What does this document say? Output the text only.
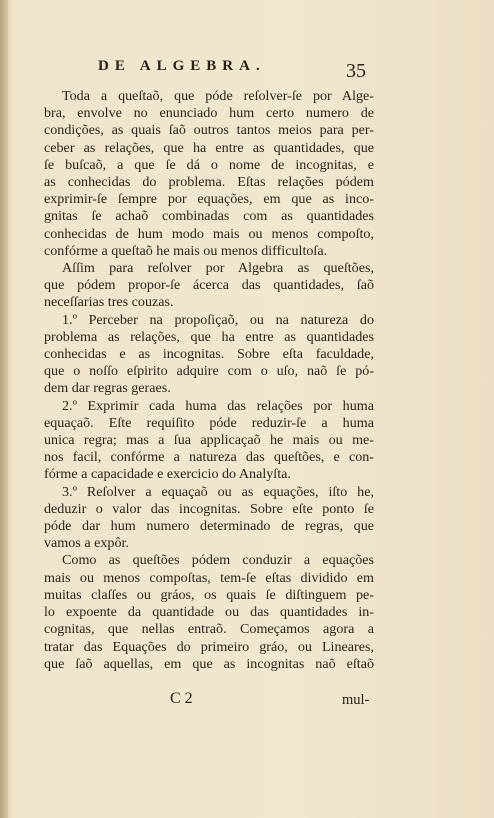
DE ALGEBRA.	35
Toda a queſtaõ, que póde reſolver-ſe por Alge-
bra, envolve no enunciado hum certo numero de
condições, as quais ſaõ outros tantos meios para per-
ceber as relações, que ha entre as quantidades, que
ſe buſcaõ, a que ſe dá o nome de incognitas, e
as conhecidas do problema. Eſtas relações pódem
exprimir-ſe ſempre por equações, em que as inco-
gnitas ſe achaõ combinadas com as quantidades
conhecidas de hum modo mais ou menos compoſto,
confórme a queſtaõ he mais ou menos difficultoſa.
Aſſim para reſolver por Algebra as queſtões,
que pódem propor-ſe ácerca das quantidades, ſaõ
neceſſarias tres couzas.
1.º Perceber na propoſiçaõ, ou na natureza do
problema as relações, que ha entre as quantidades
conhecidas e as incognitas. Sobre eſta faculdade,
que o noſſo eſpirito adquire com o uſo, naõ ſe pó-
dem dar regras geraes.
2.º Exprimir cada huma das relações por huma
equaçaõ. Eſte requiſito póde reduzir-ſe a huma
unica regra; mas a ſua applicaçaõ he mais ou me-
nos facil, confórme a natureza das queſtões, e con-
fórme a capacidade e exercicio do Analyſta.
3.º Reſolver a equaçaõ ou as equações, iſto he,
deduzir o valor das incognitas. Sobre eſte ponto ſe
póde dar hum numero determinado de regras, que
vamos a expôr.
Como as queſtões pódem conduzir a equações
mais ou menos compoſtas, tem-ſe eſtas dividido em
muitas claſſes ou gráos, os quais ſe diſtinguem pe-
lo expoente da quantidade ou das quantidades in-
cognitas, que nellas entraõ. Começamos agora a
tratar das Equações do primeiro gráo, ou Lineares,
que ſaõ aquellas, em que as incognitas naõ eſtaõ
C 2	mul-
